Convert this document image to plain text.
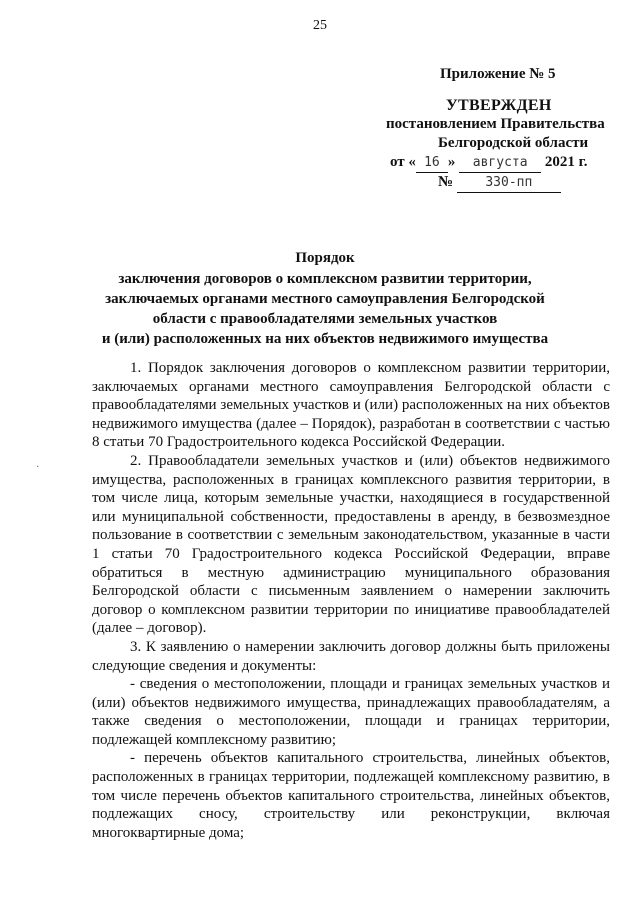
25
Приложение № 5
УТВЕРЖДЕН
постановлением Правительства
Белгородской области
от « 16 » августа 2021 г.
№ 330-пп
Порядок
заключения договоров о комплексном развитии территории,
заключаемых органами местного самоуправления Белгородской
области с правообладателями земельных участков
и (или) расположенных на них объектов недвижимого имущества

1. Порядок заключения договоров о комплексном развитии территории, заключаемых органами местного самоуправления Белгородской области с правообладателями земельных участков и (или) расположенных на них объектов недвижимого имущества (далее – Порядок), разработан в соответствии с частью 8 статьи 70 Градостроительного кодекса Российской Федерации.

2. Правообладатели земельных участков и (или) объектов недвижимого имущества, расположенных в границах комплексного развития территории, в том числе лица, которым земельные участки, находящиеся в государственной или муниципальной собственности, предоставлены в аренду, в безвозмездное пользование в соответствии с земельным законодательством, указанные в части 1 статьи 70 Градостроительного кодекса Российской Федерации, вправе обратиться в местную администрацию муниципального образования Белгородской области с письменным заявлением о намерении заключить договор о комплексном развитии территории по инициативе правообладателей (далее – договор).

3. К заявлению о намерении заключить договор должны быть приложены следующие сведения и документы:

- сведения о местоположении, площади и границах земельных участков и (или) объектов недвижимого имущества, принадлежащих правообладателям, а также сведения о местоположении, площади и границах территории, подлежащей комплексному развитию;

- перечень объектов капитального строительства, линейных объектов, расположенных в границах территории, подлежащей комплексному развитию, в том числе перечень объектов капитального строительства, линейных объектов, подлежащих сносу, строительству или реконструкции, включая многоквартирные дома;

·
